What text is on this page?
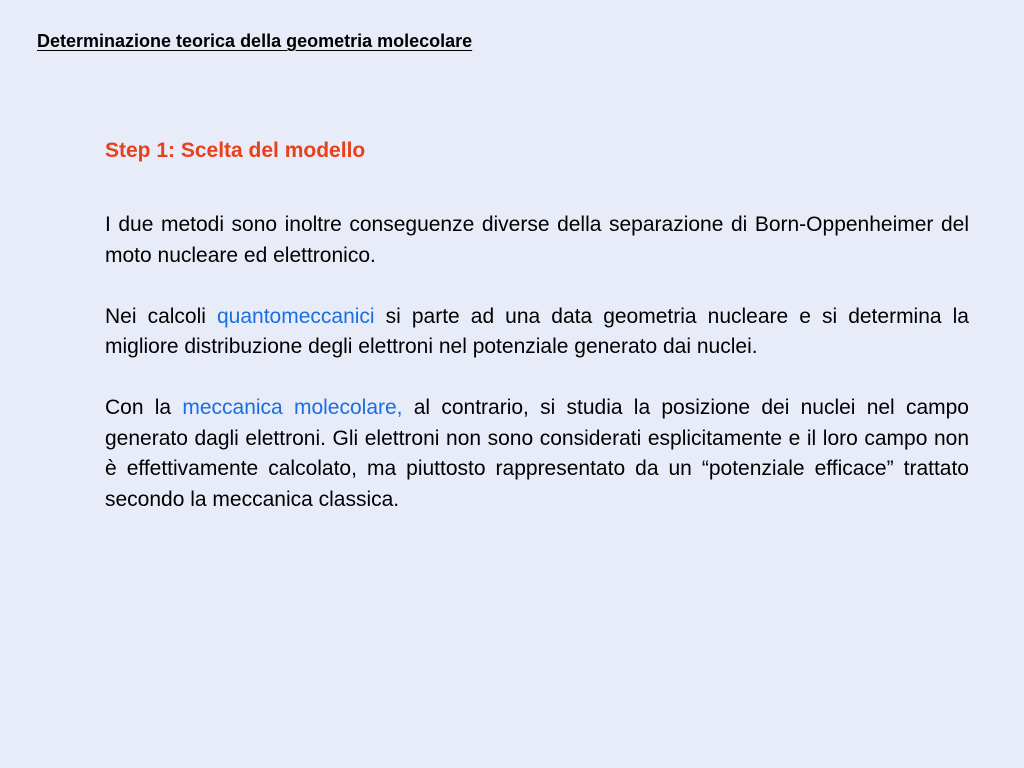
Determinazione teorica della geometria molecolare
Step 1: Scelta del modello

I due metodi sono inoltre conseguenze diverse della separazione di Born-Oppenheimer del moto nucleare ed elettronico.

Nei calcoli quantomeccanici si parte ad una data geometria nucleare e si determina la migliore distribuzione degli elettroni nel potenziale generato dai nuclei.

Con la meccanica molecolare, al contrario, si studia la posizione dei nuclei nel campo generato dagli elettroni. Gli elettroni non sono considerati esplicitamente e il loro campo non è effettivamente calcolato, ma piuttosto rappresentato da un “potenziale efficace” trattato secondo la meccanica classica.
